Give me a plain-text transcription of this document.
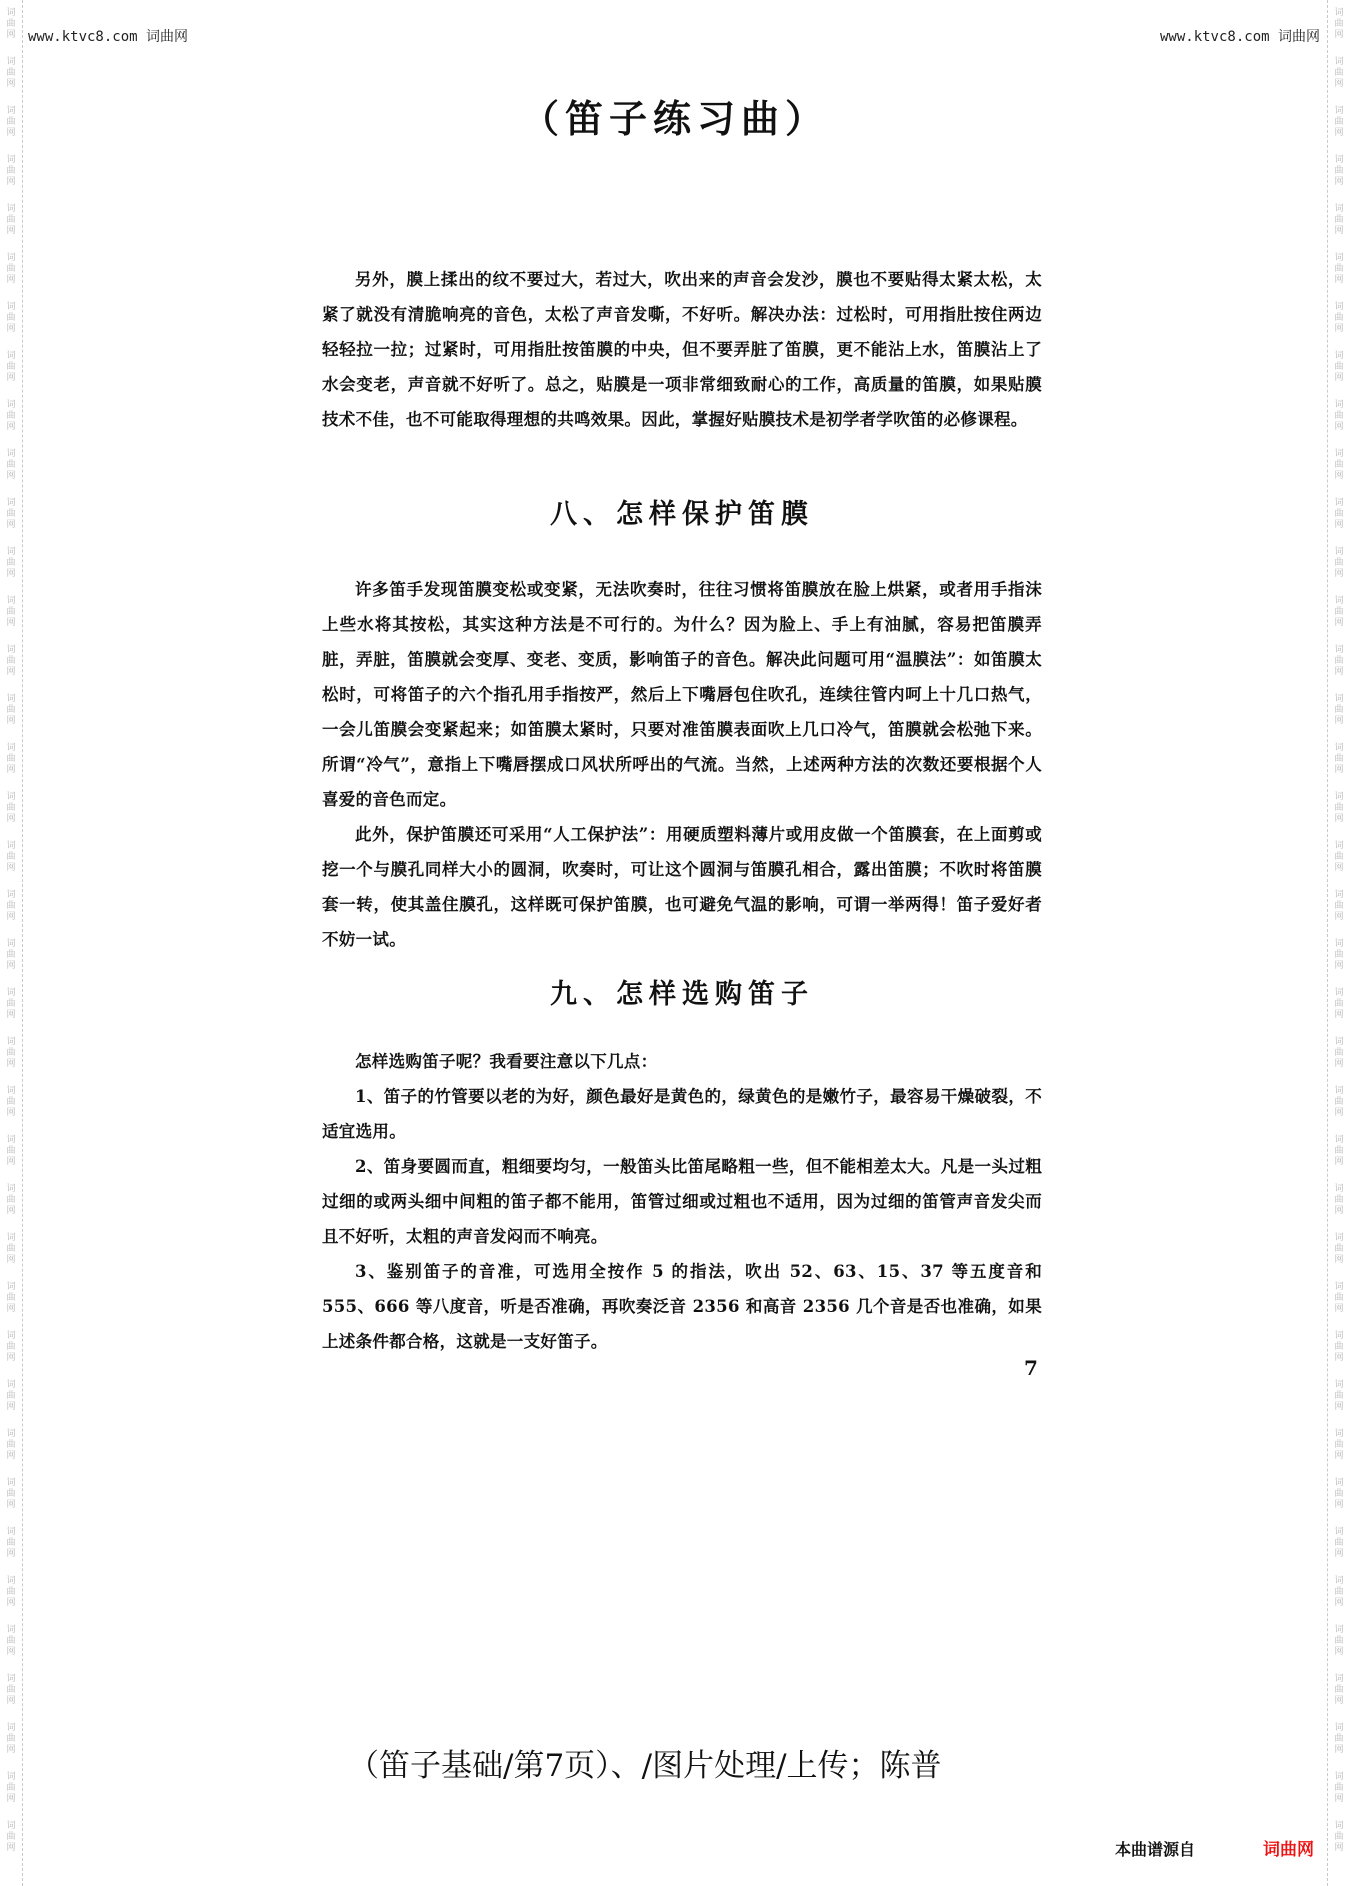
词
曲
网
词
曲
网
词
曲
网
词
曲
网
词
曲
网
词
曲
网
词
曲
网
词
曲
网
词
曲
网
词
曲
网
词
曲
网
词
曲
网
词
曲
网
词
曲
网
词
曲
网
词
曲
网
词
曲
网
词
曲
网
词
曲
网
词
曲
网
词
曲
网
词
曲
网
词
曲
网
词
曲
网
词
曲
网
词
曲
网
词
曲
网
词
曲
网
词
曲
网
词
曲
网
词
曲
网
词
曲
网
词
曲
网
词
曲
网
词
曲
网
词
曲
网
词
曲
网
词
曲
网
词
曲
网
词
曲
网
词
曲
网
词
曲
网
词
曲
网
词
曲
网
词
曲
网
词
曲
网
词
曲
网
词
曲
网
词
曲
网
词
曲
网
词
曲
网
词
曲
网
词
曲
网
词
曲
网
词
曲
网
词
曲
网
词
曲
网
词
曲
网
词
曲
网
词
曲
网
词
曲
网
词
曲
网
词
曲
网
词
曲
网
词
曲
网
词
曲
网
词
曲
网
词
曲
网
词
曲
网
词
曲
网
词
曲
网
词
曲
网
词
曲
网
词
曲
网
词
曲
网
词
曲
网
www.ktvc8.com 词曲网	www.ktvc8.com 词曲网
（笛子练习曲）

另外，膜上揉出的纹不要过大，若过大，吹出来的声音会发沙，膜也不要贴得太紧太松，太紧了就没有清脆响亮的音色，太松了声音发嘶，不好听。解决办法：过松时，可用指肚按住两边轻轻拉一拉；过紧时，可用指肚按笛膜的中央，但不要弄脏了笛膜，更不能沾上水，笛膜沾上了水会变老，声音就不好听了。总之，贴膜是一项非常细致耐心的工作，高质量的笛膜，如果贴膜技术不佳，也不可能取得理想的共鸣效果。因此，掌握好贴膜技术是初学者学吹笛的必修课程。

八、怎样保护笛膜

许多笛手发现笛膜变松或变紧，无法吹奏时，往往习惯将笛膜放在脸上烘紧，或者用手指沫上些水将其按松，其实这种方法是不可行的。为什么？因为脸上、手上有油腻，容易把笛膜弄脏，弄脏，笛膜就会变厚、变老、变质，影响笛子的音色。解决此问题可用“温膜法”：如笛膜太松时，可将笛子的六个指孔用手指按严，然后上下嘴唇包住吹孔，连续往管内呵上十几口热气，一会儿笛膜会变紧起来；如笛膜太紧时，只要对准笛膜表面吹上几口冷气，笛膜就会松弛下来。所谓“冷气”，意指上下嘴唇摆成口风状所呼出的气流。当然，上述两种方法的次数还要根据个人喜爱的音色而定。

此外，保护笛膜还可采用“人工保护法”：用硬质塑料薄片或用皮做一个笛膜套，在上面剪或挖一个与膜孔同样大小的圆洞，吹奏时，可让这个圆洞与笛膜孔相合，露出笛膜；不吹时将笛膜套一转，使其盖住膜孔，这样既可保护笛膜，也可避免气温的影响，可谓一举两得！笛子爱好者不妨一试。

九、怎样选购笛子

怎样选购笛子呢？我看要注意以下几点：

1、笛子的竹管要以老的为好，颜色最好是黄色的，绿黄色的是嫩竹子，最容易干燥破裂，不适宜选用。

2、笛身要圆而直，粗细要均匀，一般笛头比笛尾略粗一些，但不能相差太大。凡是一头过粗过细的或两头细中间粗的笛子都不能用，笛管过细或过粗也不适用，因为过细的笛管声音发尖而且不好听，太粗的声音发闷而不响亮。

3、鉴别笛子的音准，可选用全按作 5 的指法，吹出 52、63、15、37 等五度音和 555、666 等八度音，听是否准确，再吹奏泛音 2356 和高音 2356 几个音是否也准确，如果上述条件都合格，这就是一支好笛子。

7
（笛子基础/第7页）、/图片处理/上传；陈普
本曲谱源自	词曲网
